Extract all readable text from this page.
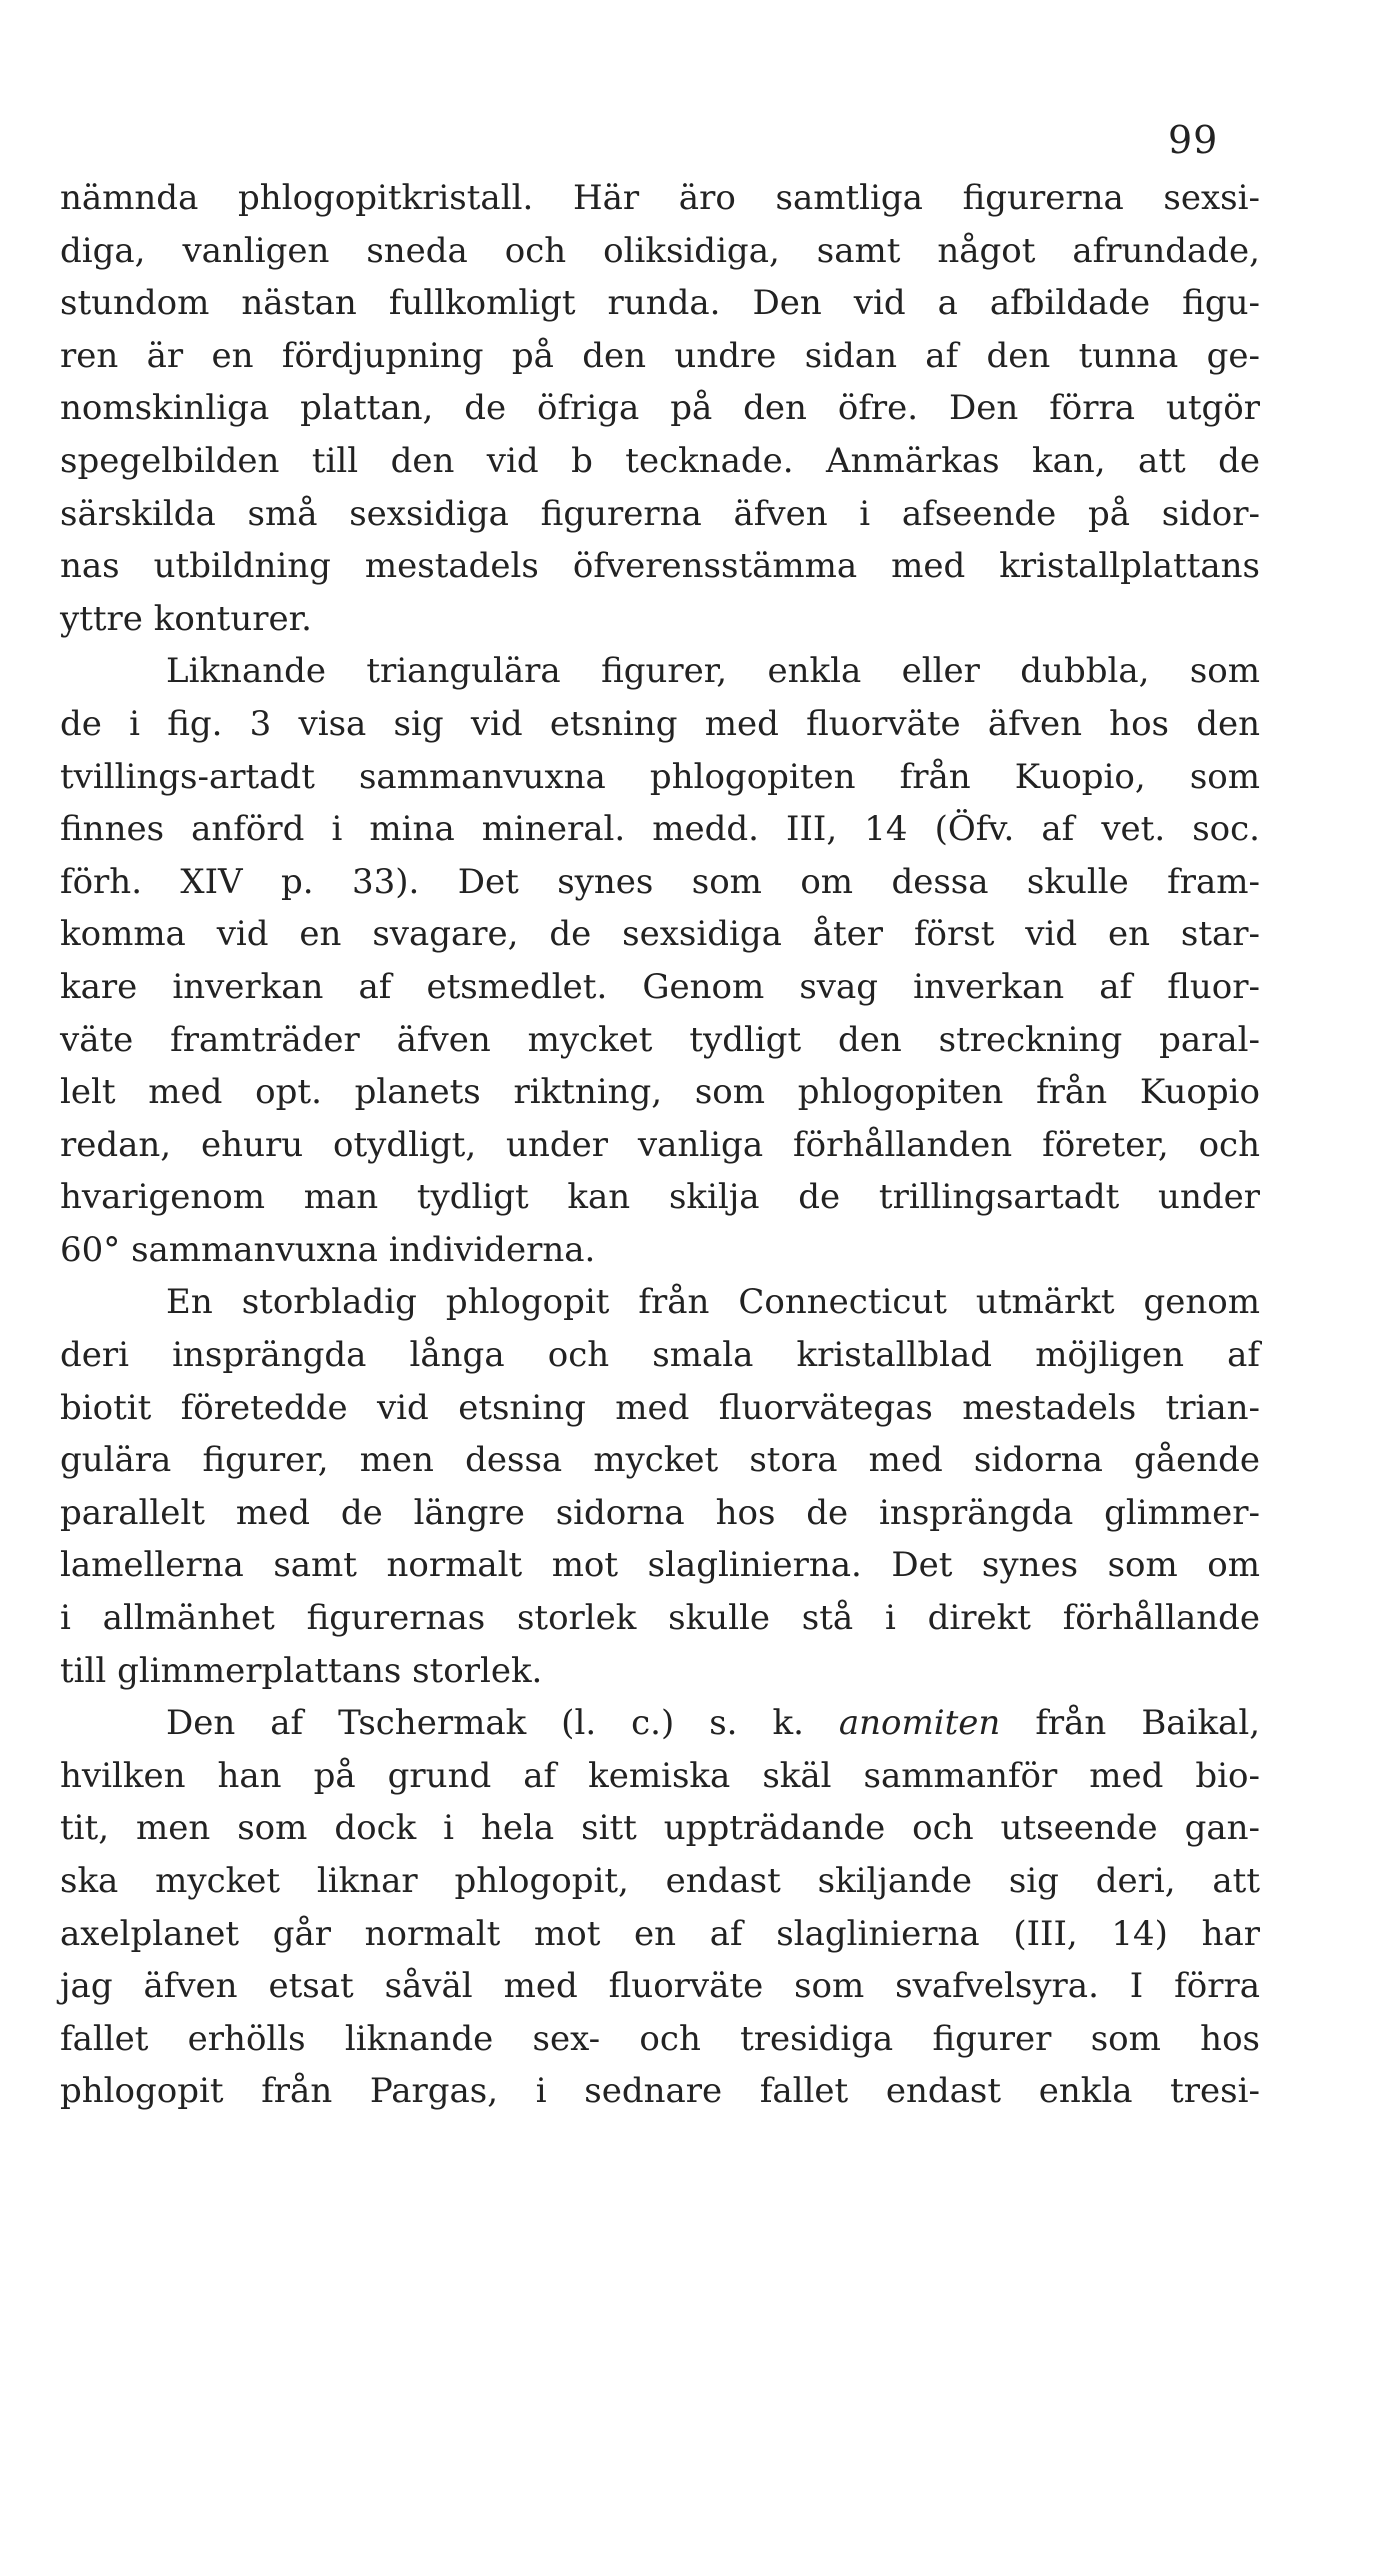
99
nämnda phlogopitkristall. Här äro samtliga figurerna sexsi-
diga, vanligen sneda och oliksidiga, samt något afrundade,
stundom nästan fullkomligt runda. Den vid a afbildade figu-
ren är en fördjupning på den undre sidan af den tunna ge-
nomskinliga plattan, de öfriga på den öfre. Den förra utgör
spegelbilden till den vid b tecknade. Anmärkas kan, att de
särskilda små sexsidiga figurerna äfven i afseende på sidor-
nas utbildning mestadels öfverensstämma med kristallplattans
yttre konturer.
Liknande triangulära figurer, enkla eller dubbla, som
de i fig. 3 visa sig vid etsning med fluorväte äfven hos den
tvillings-artadt sammanvuxna phlogopiten från Kuopio, som
finnes anförd i mina mineral. medd. III, 14 (Öfv. af vet. soc.
förh. XIV p. 33). Det synes som om dessa skulle fram-
komma vid en svagare, de sexsidiga åter först vid en star-
kare inverkan af etsmedlet. Genom svag inverkan af fluor-
väte framträder äfven mycket tydligt den streckning paral-
lelt med opt. planets riktning, som phlogopiten från Kuopio
redan, ehuru otydligt, under vanliga förhållanden företer, och
hvarigenom man tydligt kan skilja de trillingsartadt under
60° sammanvuxna individerna.
En storbladig phlogopit från Connecticut utmärkt genom
deri insprängda långa och smala kristallblad möjligen af
biotit företedde vid etsning med fluorvätegas mestadels trian-
gulära figurer, men dessa mycket stora med sidorna gående
parallelt med de längre sidorna hos de insprängda glimmer-
lamellerna samt normalt mot slaglinierna. Det synes som om
i allmänhet figurernas storlek skulle stå i direkt förhållande
till glimmerplattans storlek.
Den af Tschermak (l. c.) s. k. anomiten från Baikal,
hvilken han på grund af kemiska skäl sammanför med bio-
tit, men som dock i hela sitt uppträdande och utseende gan-
ska mycket liknar phlogopit, endast skiljande sig deri, att
axelplanet går normalt mot en af slaglinierna (III, 14) har
jag äfven etsat såväl med fluorväte som svafvelsyra. I förra
fallet erhölls liknande sex- och tresidiga figurer som hos
phlogopit från Pargas, i sednare fallet endast enkla tresi-
